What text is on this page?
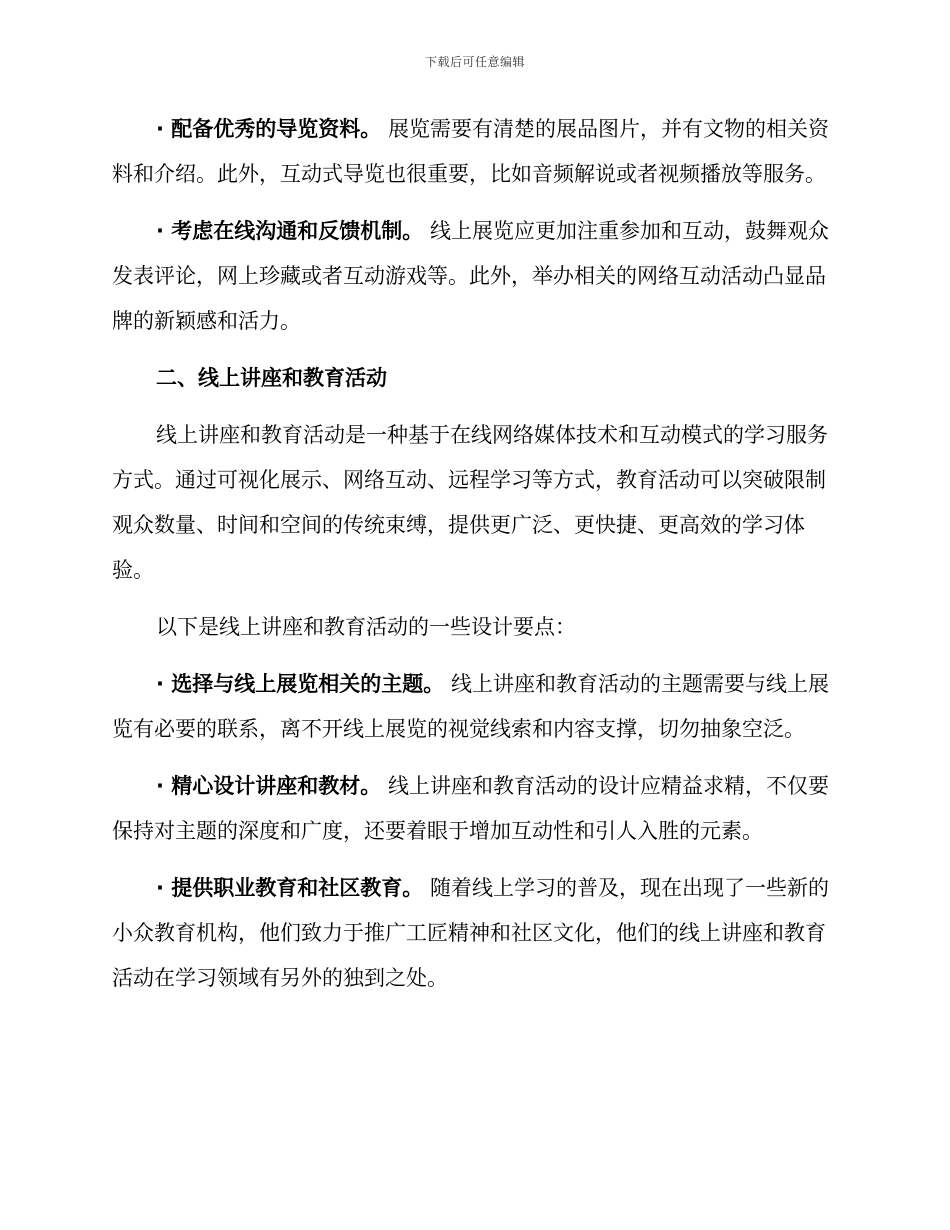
下载后可任意编辑

· 配备优秀的导览资料。 展览需要有清楚的展品图片，并有文物的相关资料和介绍。此外，互动式导览也很重要，比如音频解说或者视频播放等服务。

· 考虑在线沟通和反馈机制。 线上展览应更加注重参加和互动，鼓舞观众发表评论，网上珍藏或者互动游戏等。此外，举办相关的网络互动活动凸显品牌的新颖感和活力。

二、线上讲座和教育活动

线上讲座和教育活动是一种基于在线网络媒体技术和互动模式的学习服务方式。通过可视化展示、网络互动、远程学习等方式，教育活动可以突破限制观众数量、时间和空间的传统束缚，提供更广泛、更快捷、更高效的学习体验。

以下是线上讲座和教育活动的一些设计要点：

· 选择与线上展览相关的主题。 线上讲座和教育活动的主题需要与线上展览有必要的联系，离不开线上展览的视觉线索和内容支撑，切勿抽象空泛。

· 精心设计讲座和教材。 线上讲座和教育活动的设计应精益求精，不仅要保持对主题的深度和广度，还要着眼于增加互动性和引人入胜的元素。

· 提供职业教育和社区教育。 随着线上学习的普及，现在出现了一些新的小众教育机构，他们致力于推广工匠精神和社区文化，他们的线上讲座和教育活动在学习领域有另外的独到之处。
